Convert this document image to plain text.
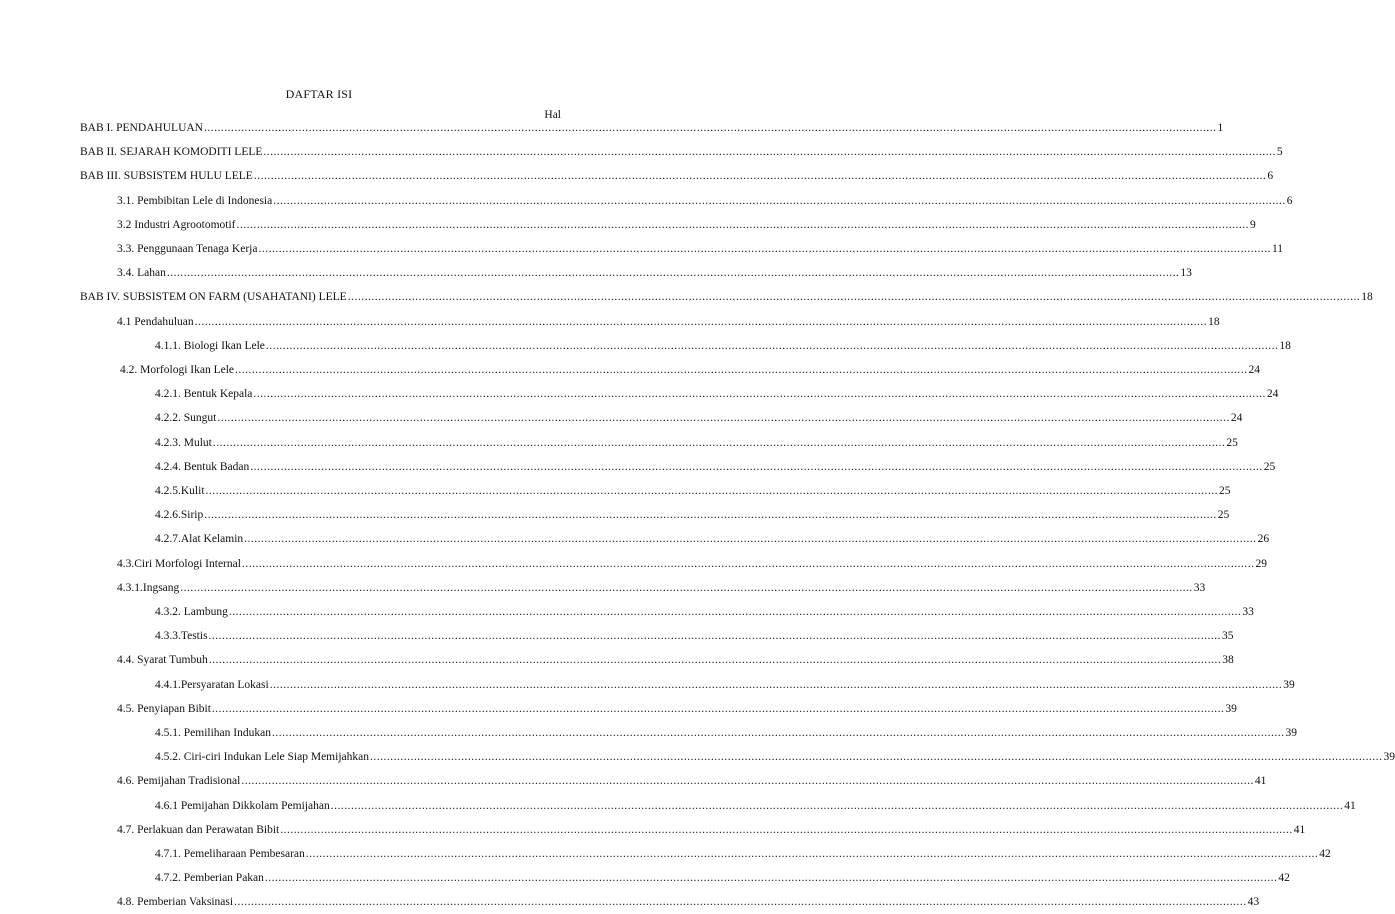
DAFTAR ISI
Hal
BAB I. PENDAHULUAN ............................................................................................................................................................................................................................................................................................................ 1
BAB II. SEJARAH KOMODITI LELE ............................................................................................................................................................................................................................................................................................................ 5
BAB III. SUBSISTEM HULU LELE ............................................................................................................................................................................................................................................................................................................ 6
3.1. Pembibitan Lele di Indonesia ............................................................................................................................................................................................................................................................................................................ 6
3.2 Industri Agrootomotif ............................................................................................................................................................................................................................................................................................................ 9
3.3. Penggunaan Tenaga Kerja ............................................................................................................................................................................................................................................................................................................ 11
3.4. Lahan ............................................................................................................................................................................................................................................................................................................ 13
BAB IV. SUBSISTEM ON FARM (USAHATANI) LELE ............................................................................................................................................................................................................................................................................................................ 18
4.1 Pendahuluan ............................................................................................................................................................................................................................................................................................................ 18
4.1.1. Biologi Ikan Lele ............................................................................................................................................................................................................................................................................................................ 18
4.2. Morfologi Ikan Lele ............................................................................................................................................................................................................................................................................................................ 24
4.2.1. Bentuk Kepala ............................................................................................................................................................................................................................................................................................................ 24
4.2.2. Sungut ............................................................................................................................................................................................................................................................................................................ 24
4.2.3. Mulut ............................................................................................................................................................................................................................................................................................................ 25
4.2.4. Bentuk Badan ............................................................................................................................................................................................................................................................................................................ 25
4.2.5.Kulit ............................................................................................................................................................................................................................................................................................................ 25
4.2.6.Sirip ............................................................................................................................................................................................................................................................................................................ 25
4.2.7.Alat Kelamin ............................................................................................................................................................................................................................................................................................................ 26
4.3.Ciri Morfologi Internal ............................................................................................................................................................................................................................................................................................................ 29
4.3.1.Ingsang ............................................................................................................................................................................................................................................................................................................ 33
4.3.2. Lambung ............................................................................................................................................................................................................................................................................................................ 33
4.3.3.Testis ............................................................................................................................................................................................................................................................................................................ 35
4.4. Syarat Tumbuh ............................................................................................................................................................................................................................................................................................................ 38
4.4.1.Persyaratan Lokasi ............................................................................................................................................................................................................................................................................................................ 39
4.5. Penyiapan Bibit ............................................................................................................................................................................................................................................................................................................ 39
4.5.1. Pemilihan Indukan ............................................................................................................................................................................................................................................................................................................ 39
4.5.2. Ciri-ciri Indukan Lele Siap Memijahkan ............................................................................................................................................................................................................................................................................................................ 39
4.6. Pemijahan Tradisional ............................................................................................................................................................................................................................................................................................................ 41
4.6.1 Pemijahan Dikkolam Pemijahan ............................................................................................................................................................................................................................................................................................................ 41
4.7. Perlakuan dan Perawatan Bibit ............................................................................................................................................................................................................................................................................................................ 41
4.7.1. Pemeliharaan Pembesaran ............................................................................................................................................................................................................................................................................................................ 42
4.7.2. Pemberian Pakan ............................................................................................................................................................................................................................................................................................................ 42
4.8. Pemberian Vaksinasi ............................................................................................................................................................................................................................................................................................................ 43
